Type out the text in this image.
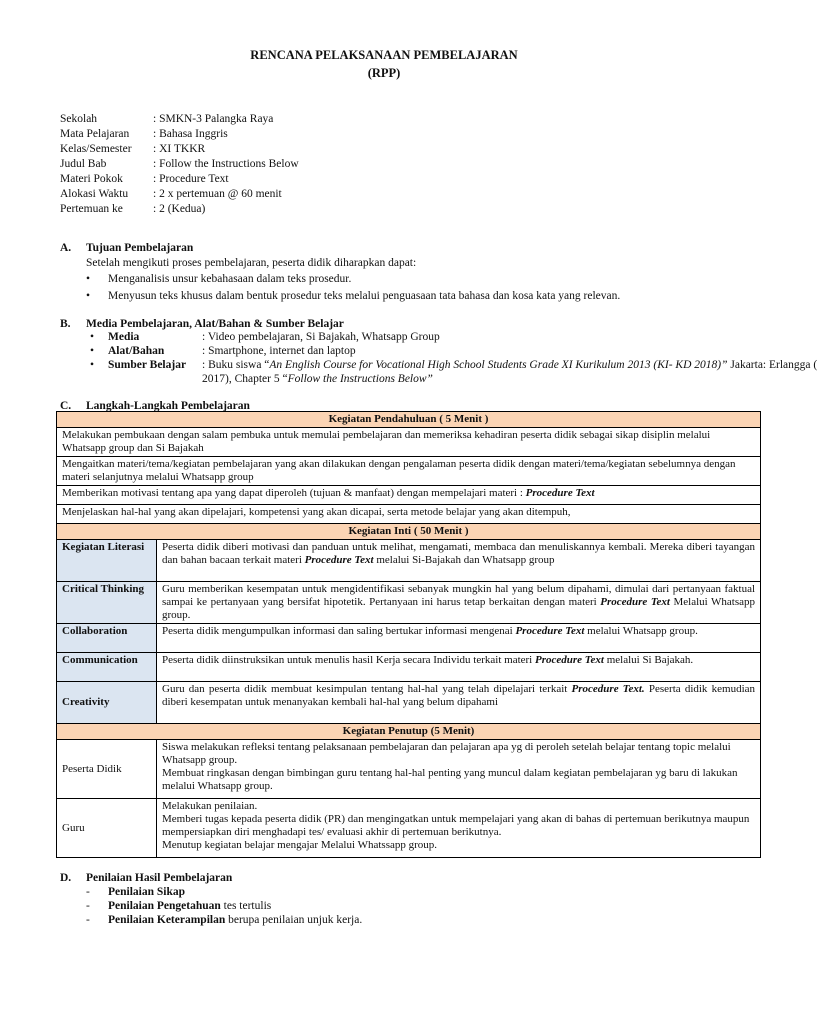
RENCANA PELAKSANAAN PEMBELAJARAN
(RPP)
Sekolah	: SMKN-3 Palangka Raya
Mata Pelajaran	: Bahasa Inggris
Kelas/Semester	: XI TKKR
Judul Bab	: Follow the Instructions Below
Materi Pokok	: Procedure Text
Alokasi Waktu	: 2 x pertemuan @ 60 menit
Pertemuan ke	: 2 (Kedua)
A.	Tujuan Pembelajaran
Setelah mengikuti proses pembelajaran, peserta didik diharapkan dapat:
•	Menganalisis unsur kebahasaan dalam teks prosedur.
•	Menyusun teks khusus dalam bentuk prosedur teks melalui penguasaan tata bahasa dan kosa kata yang relevan.
B.	Media Pembelajaran, Alat/Bahan & Sumber Belajar
•	Media	: Video pembelajaran, Si Bajakah, Whatsapp Group
•	Alat/Bahan	: Smartphone, internet dan laptop
•	Sumber Belajar	: Buku siswa “An English Course for Vocational High School Students Grade XI Kurikulum 2013 (KI- KD 2018)” Jakarta: Erlangga ( 2017), Chapter 5 “Follow the Instructions Below”
C.	Langkah-Langkah Pembelajaran
Kegiatan Pendahuluan ( 5 Menit )	
Melakukan pembukaan dengan salam pembuka untuk memulai pembelajaran dan memeriksa kehadiran peserta didik sebagai sikap disiplin melalui Whatsapp group dan Si Bajakah	
Mengaitkan materi/tema/kegiatan pembelajaran yang akan dilakukan dengan pengalaman peserta didik dengan materi/tema/kegiatan sebelumnya dengan materi selanjutnya melalui Whatsapp group	
Memberikan motivasi tentang apa yang dapat diperoleh (tujuan & manfaat) dengan mempelajari materi : Procedure Text	
Menjelaskan hal-hal yang akan dipelajari, kompetensi yang akan dicapai, serta metode belajar yang akan ditempuh,	
Kegiatan Inti ( 50 Menit )	
Kegiatan Literasi	Peserta didik diberi motivasi dan panduan untuk melihat, mengamati, membaca dan menuliskannya kembali. Mereka diberi tayangan dan bahan bacaan terkait materi Procedure Text melalui Si-Bajakah dan Whatsapp group
Critical Thinking	Guru memberikan kesempatan untuk mengidentifikasi sebanyak mungkin hal yang belum dipahami, dimulai dari pertanyaan faktual sampai ke pertanyaan yang bersifat hipotetik. Pertanyaan ini harus tetap berkaitan dengan materi Procedure Text Melalui Whatsapp group.
Collaboration	Peserta didik mengumpulkan informasi dan saling bertukar informasi mengenai Procedure Text melalui Whatsapp group.
Communication	Peserta didik diinstruksikan untuk menulis hasil Kerja secara Individu terkait materi Procedure Text melalui Si Bajakah.
Creativity	Guru dan peserta didik membuat kesimpulan tentang hal-hal yang telah dipelajari terkait Procedure Text. Peserta didik kemudian diberi kesempatan untuk menanyakan kembali hal-hal yang belum dipahami
Kegiatan Penutup (5 Menit)	
Peserta Didik	Siswa melakukan refleksi tentang pelaksanaan pembelajaran dan pelajaran apa yg di peroleh setelah belajar tentang topic melalui Whatsapp group.
Membuat ringkasan dengan bimbingan guru tentang hal-hal penting yang muncul dalam kegiatan pembelajaran yg baru di lakukan melalui Whatsapp group.

Guru	Melakukan penilaian.
Memberi tugas kepada peserta didik (PR) dan mengingatkan untuk mempelajari yang akan di bahas di pertemuan berikutnya maupun mempersiapkan diri menghadapi tes/ evaluasi akhir di pertemuan berikutnya.
Menutup kegiatan belajar mengajar Melalui Whatssapp group.
D.	Penilaian Hasil Pembelajaran
-	Penilaian Sikap
-	Penilaian Pengetahuan tes tertulis
-	Penilaian Keterampilan berupa penilaian unjuk kerja.
